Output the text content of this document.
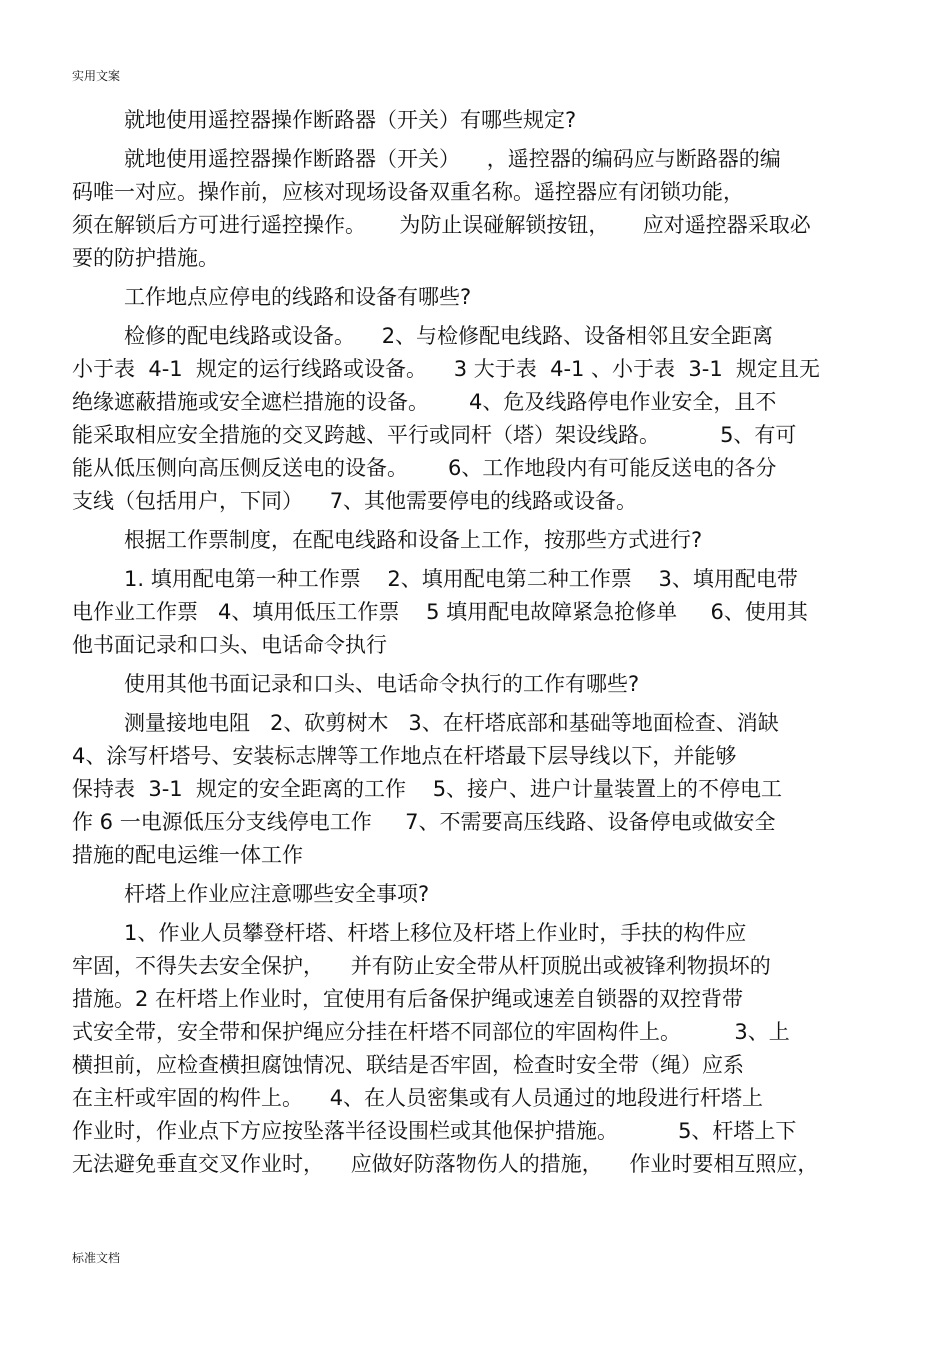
实用文案
就地使用遥控器操作断路器（开关）有哪些规定?
就地使用遥控器操作断路器（开关）    ，遥控器的编码应与断路器的编
码唯一对应。操作前，应核对现场设备双重名称。遥控器应有闭锁功能，
须在解锁后方可进行遥控操作。     为防止误碰解锁按钮，     应对遥控器采取必
要的防护措施。
工作地点应停电的线路和设备有哪些?
检修的配电线路或设备。    2、与检修配电线路、设备相邻且安全距离
小于表  4-1  规定的运行线路或设备。    3 大于表  4-1 、小于表  3-1  规定且无
绝缘遮蔽措施或安全遮栏措施的设备。      4、危及线路停电作业安全，且不
能采取相应安全措施的交叉跨越、平行或同杆（塔）架设线路。         5、有可
能从低压侧向高压侧反送电的设备。      6、工作地段内有可能反送电的各分
支线（包括用户，下同）    7、其他需要停电的线路或设备。
根据工作票制度，在配电线路和设备上工作，按那些方式进行?
1. 填用配电第一种工作票    2、填用配电第二种工作票    3、填用配电带
电作业工作票   4、填用低压工作票    5 填用配电故障紧急抢修单     6、使用其
他书面记录和口头、电话命令执行
使用其他书面记录和口头、电话命令执行的工作有哪些?
测量接地电阻   2、砍剪树木   3、在杆塔底部和基础等地面检查、消缺
4、涂写杆塔号、安装标志牌等工作地点在杆塔最下层导线以下，并能够
保持表  3-1  规定的安全距离的工作    5、接户、进户计量装置上的不停电工
作 6 一电源低压分支线停电工作     7、不需要高压线路、设备停电或做安全
措施的配电运维一体工作
杆塔上作业应注意哪些安全事项?
1、作业人员攀登杆塔、杆塔上移位及杆塔上作业时，手扶的构件应
牢固，不得失去安全保护，    并有防止安全带从杆顶脱出或被锋利物损坏的
措施。2 在杆塔上作业时，宜使用有后备保护绳或速差自锁器的双控背带
式安全带，安全带和保护绳应分挂在杆塔不同部位的牢固构件上。        3、上
横担前，应检查横担腐蚀情况、联结是否牢固，检查时安全带（绳）应系
在主杆或牢固的构件上。    4、在人员密集或有人员通过的地段进行杆塔上
作业时，作业点下方应按坠落半径设围栏或其他保护措施。         5、杆塔上下
无法避免垂直交叉作业时，    应做好防落物伤人的措施，    作业时要相互照应，
标准文档
